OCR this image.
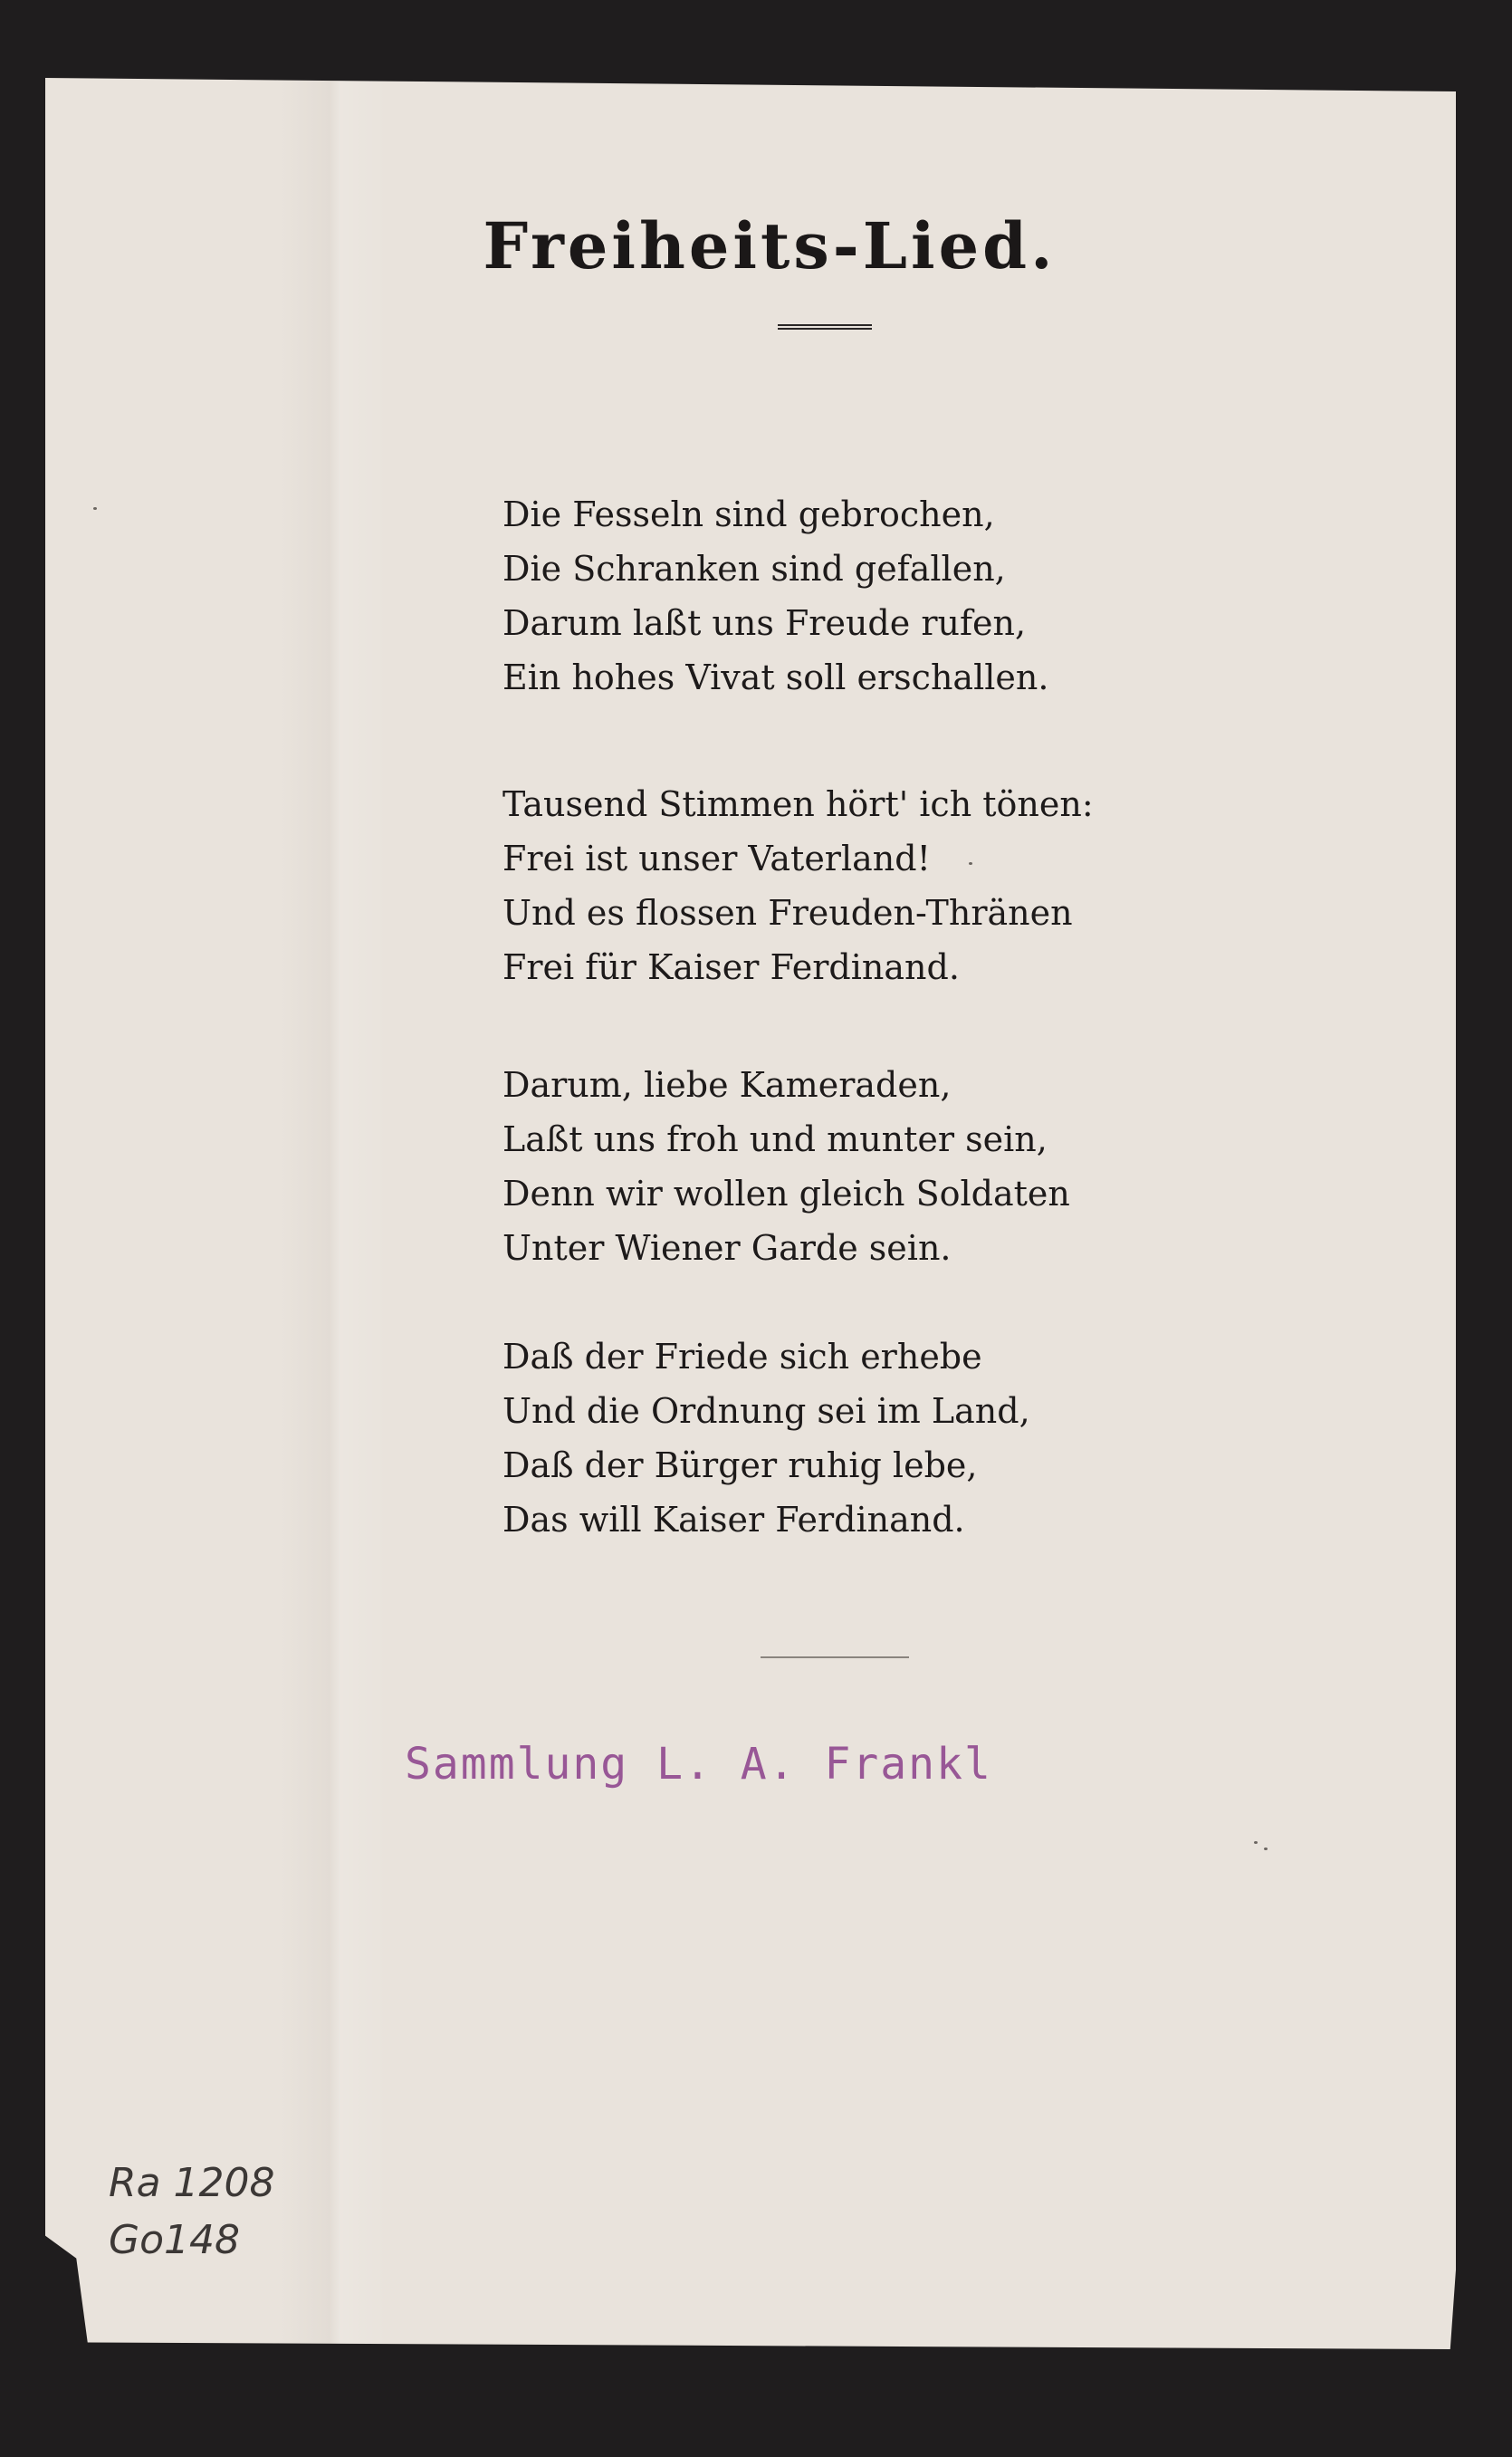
Freiheits-Lied.
Die Fesseln sind gebrochen,
Die Schranken sind gefallen,
Darum laßt uns Freude rufen,
Ein hohes Vivat soll erschallen.
Tausend Stimmen hört' ich tönen:
Frei ist unser Vaterland!
Und es flossen Freuden-Thränen
Frei für Kaiser Ferdinand.
Darum, liebe Kameraden,
Laßt uns froh und munter sein,
Denn wir wollen gleich Soldaten
Unter Wiener Garde sein.
Daß der Friede sich erhebe
Und die Ordnung sei im Land,
Daß der Bürger ruhig lebe,
Das will Kaiser Ferdinand.
Sammlung L. A. Frankl
Ra 1208
Go148
